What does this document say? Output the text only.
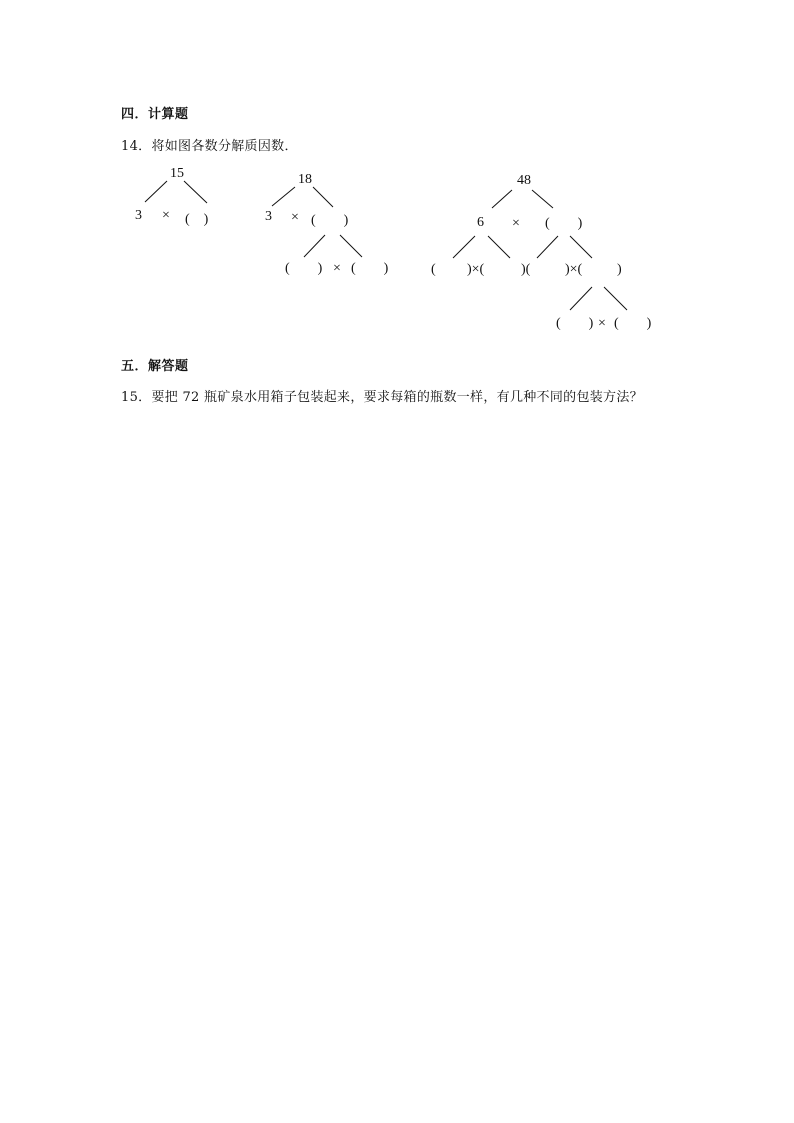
四．计算题
14．将如图各数分解质因数．
15
3 × (　)
18
3 × (　　)
(　　) × (　　)
48
6 × (　　)
( )×(	)( )×( )
(　　) × (　　)
五．解答题
15．要把 72 瓶矿泉水用箱子包装起来，要求每箱的瓶数一样，有几种不同的包装方法？
